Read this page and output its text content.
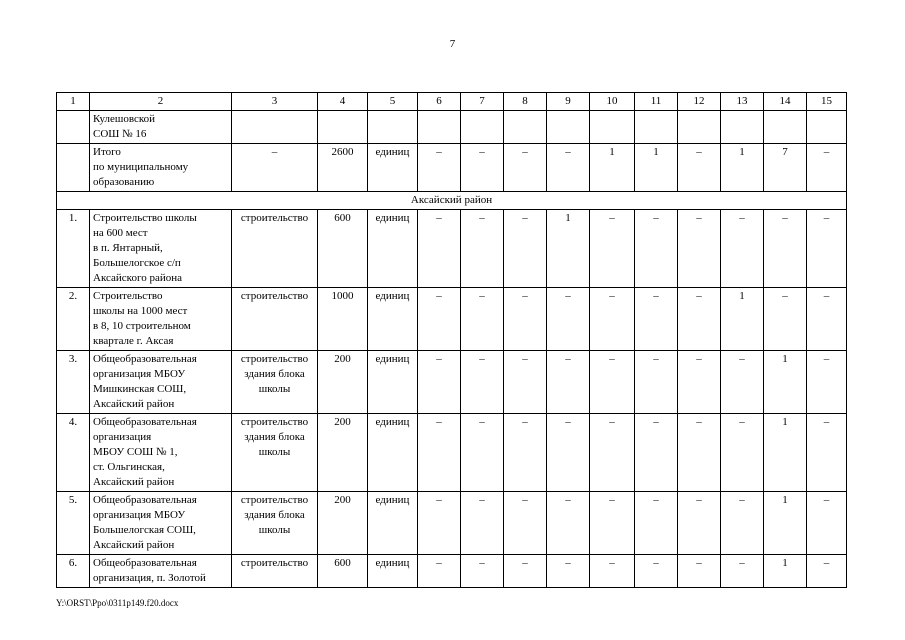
7
1	2	3	4	5	6	7	8	9	10	11	12	13	14	15
	Кулешовской
СОШ № 16													
	Итого
по муниципальному
образованию	–	2600	единиц	–	–	–	–	1	1	–	1	7	–
Аксайский район														
1.	Строительство школы
на 600 мест
в п. Янтарный,
Большелогское с/п
Аксайского района	строительство	600	единиц	–	–	–	1	–	–	–	–	–	–
2.	Строительство
школы на 1000 мест
в 8, 10 строительном
квартале г. Аксая	строительство	1000	единиц	–	–	–	–	–	–	–	1	–	–
3.	Общеобразовательная
организация МБОУ
Мишкинская СОШ,
Аксайский район	строительство
здания блока
школы	200	единиц	–	–	–	–	–	–	–	–	1	–
4.	Общеобразовательная
организация
МБОУ СОШ № 1,
ст. Ольгинская,
Аксайский район	строительство
здания блока
школы	200	единиц	–	–	–	–	–	–	–	–	1	–
5.	Общеобразовательная
организация МБОУ
Большелогская СОШ,
Аксайский район	строительство
здания блока
школы	200	единиц	–	–	–	–	–	–	–	–	1	–
6.	Общеобразовательная
организация, п. Золотой	строительство	600	единиц	–	–	–	–	–	–	–	–	1	–
Y:\ORST\Ppo\0311p149.f20.docx
